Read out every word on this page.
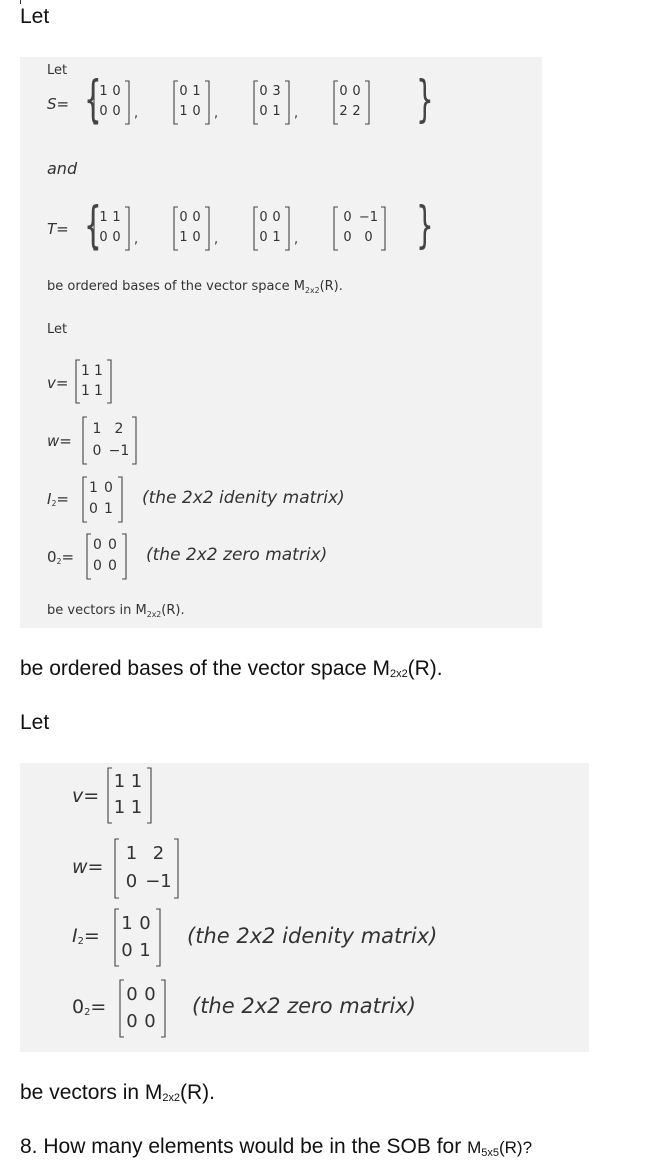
Let
Let
S=
and
T=
be ordered bases of the vector space $M_{2x2}(R)$.
Let
v=
w=
I2=	(the 2x2 idenity matrix)
02=	(the 2x2 zero matrix)
be vectors in $M_{2x2}(R)$.
be ordered bases of the vector space M2x2(R).
Let
v=
w=
I2=	(the 2x2 idenity matrix)
02=	(the 2x2 zero matrix)
be vectors in M2x2(R).
8. How many elements would be in the SOB for M5x5(R)?
1 1
1 1
1 2
0 −1
1 0
0 1
0 0
0 0
1 1
1 1
1 2
0 −1
1 0
0 1
0 0
0 0
{
1 0
0 0 ,
0 1
1 0 ,
0 3
0 1 ,
0 0
2 2 }
{
1 1
0 0 ,
0 0
1 0 ,
0 0
0 1 ,
0 −1
0 0 }
